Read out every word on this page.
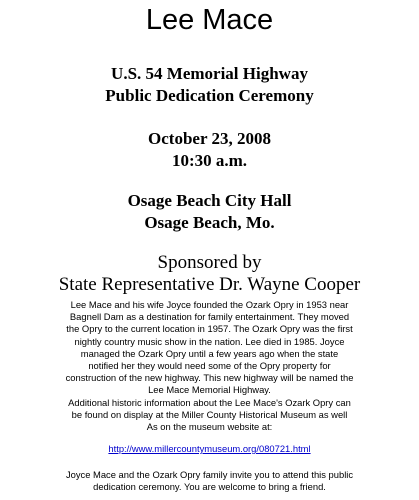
Lee Mace
U.S. 54 Memorial Highway
Public Dedication Ceremony
October 23, 2008
10:30 a.m.
Osage Beach City Hall
Osage Beach, Mo.
Sponsored by
State Representative Dr. Wayne Cooper
Lee Mace and his wife Joyce founded the Ozark Opry in 1953 near
Bagnell Dam as a destination for family entertainment. They moved
the Opry to the current location in 1957. The Ozark Opry was the first
nightly country music show in the nation. Lee died in 1985. Joyce
managed the Ozark Opry until a few years ago when the state
notified her they would need some of the Opry property for
construction of the new highway. This new highway will be named the
Lee Mace Memorial Highway.
Additional historic information about the Lee Mace's Ozark Opry can
be found on display at the Miller County Historical Museum as well
As on the museum website at:
http://www.millercountymuseum.org/080721.html
Joyce Mace and the Ozark Opry family invite you to attend this public
dedication ceremony. You are welcome to bring a friend.
